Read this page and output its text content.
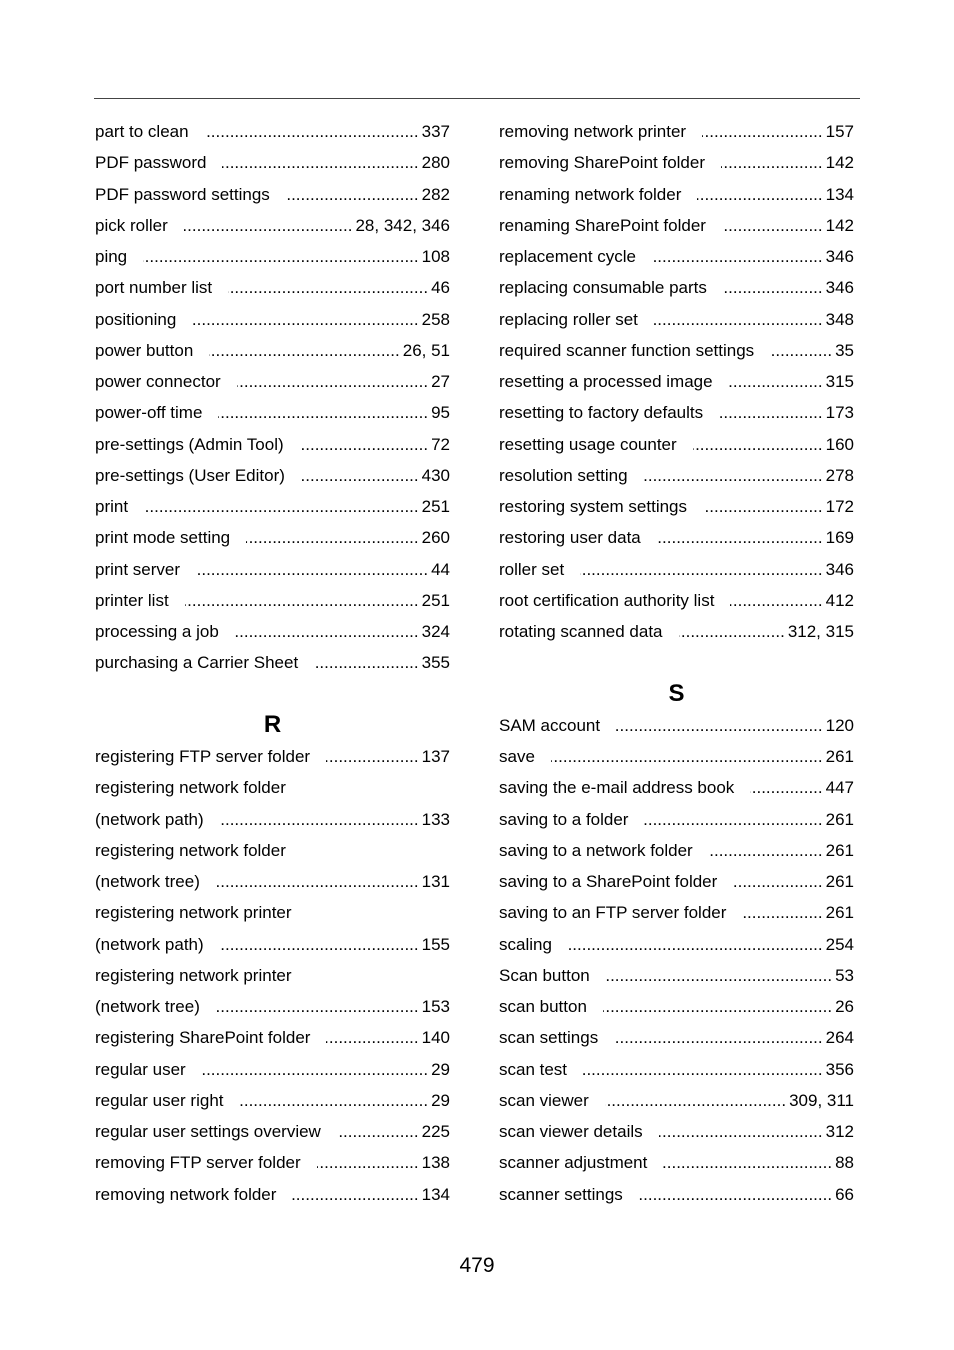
part to clean .....	337
PDF password .....	280
PDF password settings .....	282
pick roller .....	28, 342, 346
ping .....	108
port number list .....	46
positioning .....	258
power button .....	26, 51
power connector .....	27
power-off time .....	95
pre-settings (Admin Tool) .....	72
pre-settings (User Editor) .....	430
print .....	251
print mode setting .....	260
print server .....	44
printer list .....	251
processing a job .....	324
purchasing a Carrier Sheet .....	355
R
registering FTP server folder .....	137
registering network folder
(network path) .....	133
registering network folder
(network tree) .....	131
registering network printer
(network path) .....	155
registering network printer
(network tree) .....	153
registering SharePoint folder .....	140
regular user .....	29
regular user right .....	29
regular user settings overview .....	225
removing FTP server folder .....	138
removing network folder .....	134
removing network printer .....	157
removing SharePoint folder .....	142
renaming network folder .....	134
renaming SharePoint folder .....	142
replacement cycle .....	346
replacing consumable parts .....	346
replacing roller set .....	348
required scanner function settings .....	35
resetting a processed image .....	315
resetting to factory defaults .....	173
resetting usage counter .....	160
resolution setting .....	278
restoring system settings .....	172
restoring user data .....	169
roller set .....	346
root certification authority list .....	412
rotating scanned data .....	312, 315
S
SAM account .....	120
save .....	261
saving the e-mail address book .....	447
saving to a folder .....	261
saving to a network folder .....	261
saving to a SharePoint folder .....	261
saving to an FTP server folder .....	261
scaling .....	254
Scan button .....	53
scan button .....	26
scan settings .....	264
scan test .....	356
scan viewer .....	309, 311
scan viewer details .....	312
scanner adjustment .....	88
scanner settings .....	66
479
